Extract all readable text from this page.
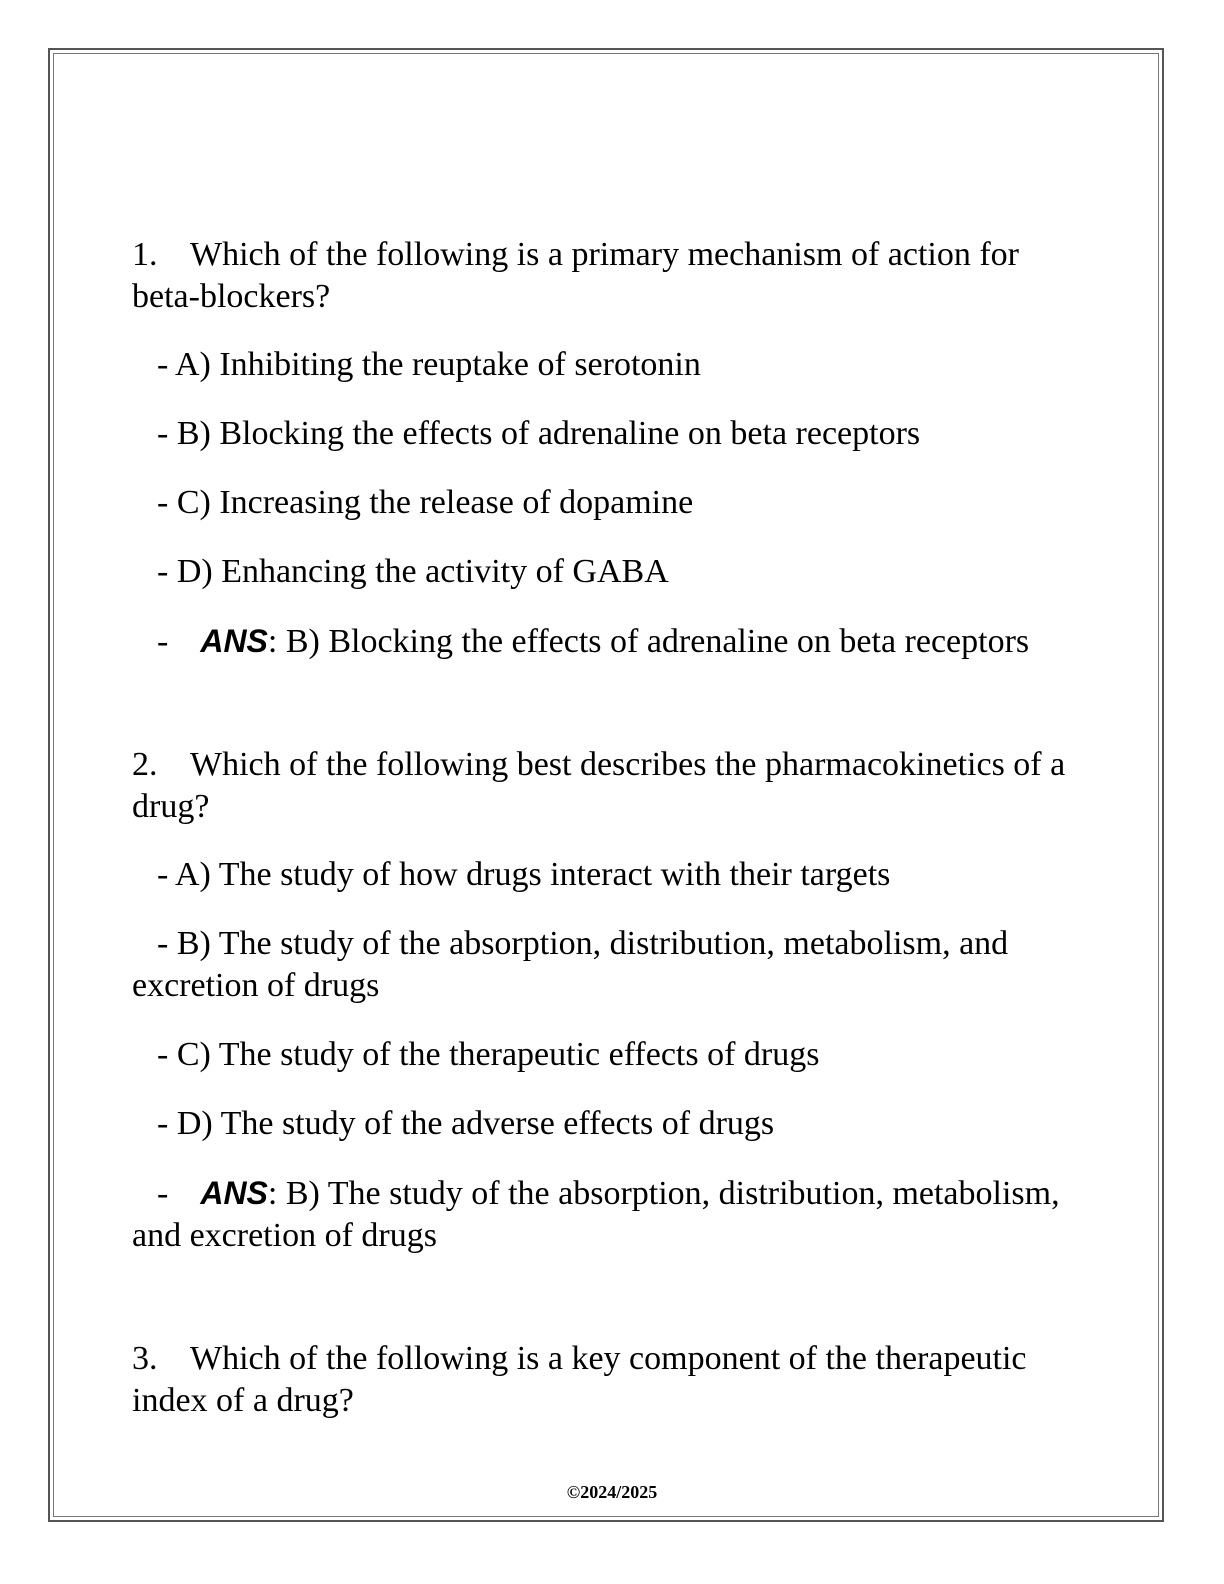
1. Which of the following is a primary mechanism of action for beta-blockers?
- A) Inhibiting the reuptake of serotonin
- B) Blocking the effects of adrenaline on beta receptors
- C) Increasing the release of dopamine
- D) Enhancing the activity of GABA
- ANS: B) Blocking the effects of adrenaline on beta receptors
2. Which of the following best describes the pharmacokinetics of a drug?
- A) The study of how drugs interact with their targets
- B) The study of the absorption, distribution, metabolism, and excretion of drugs
- C) The study of the therapeutic effects of drugs
- D) The study of the adverse effects of drugs
- ANS: B) The study of the absorption, distribution, metabolism, and excretion of drugs
3. Which of the following is a key component of the therapeutic index of a drug?
©2024/2025
